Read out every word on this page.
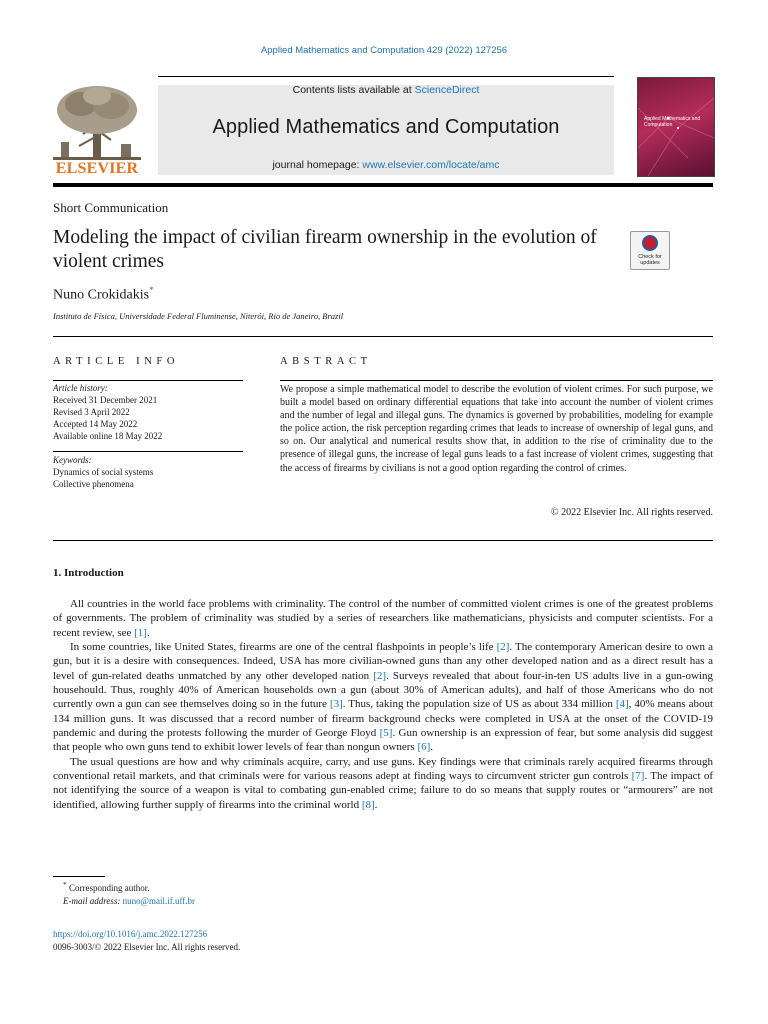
Applied Mathematics and Computation 429 (2022) 127256
ELSEVIER
Contents lists available at ScienceDirect
Applied Mathematics and Computation
journal homepage: www.elsevier.com/locate/amc
Applied Mathematics and Computation
Short Communication
Modeling the impact of civilian firearm ownership in the evolution of violent crimes	Check for updates
Nuno Crokidakis*
Instituto de Física, Universidade Federal Fluminense, Niterói, Rio de Janeiro, Brazil
ARTICLE INFO
Article history:
Received 31 December 2021
Revised 3 April 2022
Accepted 14 May 2022
Available online 18 May 2022
Keywords:
Dynamics of social systems
Collective phenomena
ABSTRACT
We propose a simple mathematical model to describe the evolution of violent crimes. For such purpose, we built a model based on ordinary differential equations that take into account the number of violent crimes and the number of legal and illegal guns. The dynamics is governed by probabilities, modeling for example the police action, the risk perception regarding crimes that leads to increase of ownership of legal guns, and so on. Our analytical and numerical results show that, in addition to the rise of criminality due to the presence of illegal guns, the increase of legal guns leads to a fast increase of violent crimes, suggesting that the access of firearms by civilians is not a good option regarding the control of crimes.
© 2022 Elsevier Inc. All rights reserved.
1. Introduction

All countries in the world face problems with criminality. The control of the number of committed violent crimes is one of the greatest problems of governments. The problem of criminality was studied by a series of researchers like mathematicians, physicists and computer scientists. For a recent review, see [1].

In some countries, like United States, firearms are one of the central flashpoints in people’s life [2]. The contemporary American desire to own a gun, but it is a desire with consequences. Indeed, USA has more civilian-owned guns than any other developed nation and as a direct result has a level of gun-related deaths unmatched by any other developed nation [2]. Surveys revealed that about four-in-ten US adults live in a gun-owing househould. Thus, roughly 40% of American households own a gun (about 30% of American adults), and half of those Americans who do not currently own a gun can see themselves doing so in the future [3]. Thus, taking the population size of US as about 334 million [4], 40% means about 134 million guns. It was discussed that a record number of firearm background checks were completed in USA at the onset of the COVID-19 pandemic and during the protests following the murder of George Floyd [5]. Gun ownership is an expression of fear, but some analysis did suggest that people who own guns tend to exhibit lower levels of fear than nongun owners [6].

The usual questions are how and why criminals acquire, carry, and use guns. Key findings were that criminals rarely acquired firearms through conventional retail markets, and that criminals were for various reasons adept at finding ways to circumvent stricter gun controls [7]. The impact of not identifying the source of a weapon is vital to combating gun-enabled crime; failure to do so means that supply routes or “armourers” are not identified, allowing further supply of firearms into the criminal world [8].

* Corresponding author.
E-mail address: nuno@mail.if.uff.br
https://doi.org/10.1016/j.amc.2022.127256
0096-3003/© 2022 Elsevier Inc. All rights reserved.
